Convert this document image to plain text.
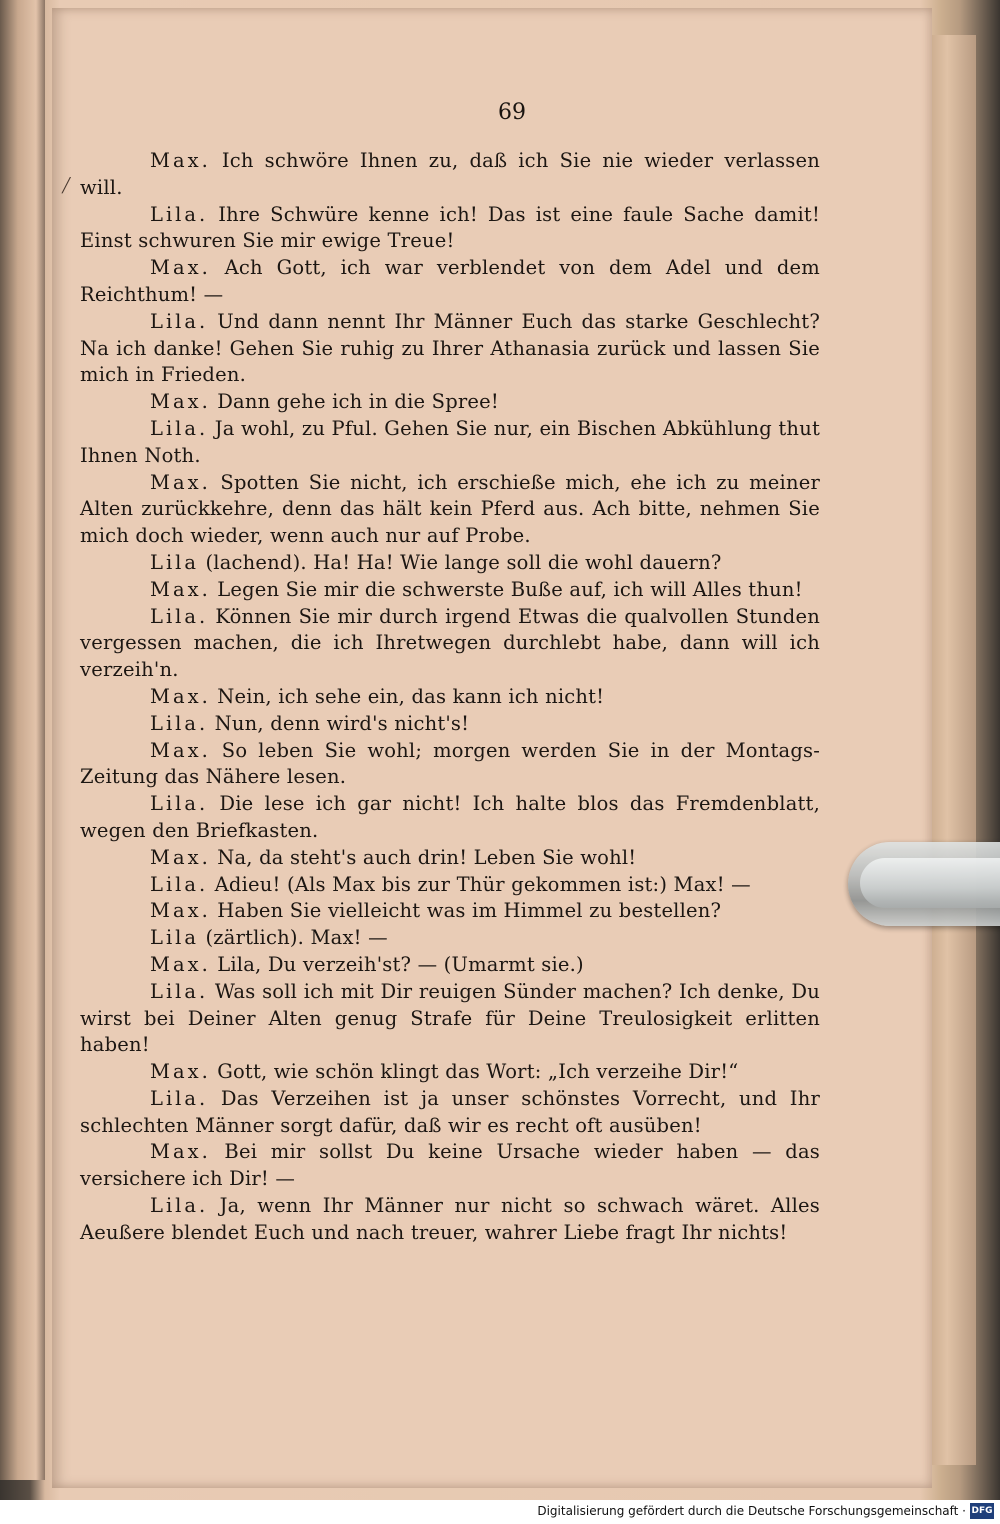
69
╱

Max. Ich schwöre Ihnen zu, daß ich Sie nie wieder verlassen will.

Lila. Ihre Schwüre kenne ich! Das ist eine faule Sache damit! Einst schwuren Sie mir ewige Treue!

Max. Ach Gott, ich war verblendet von dem Adel und dem Reichthum! —

Lila. Und dann nennt Ihr Männer Euch das starke Geschlecht? Na ich danke! Gehen Sie ruhig zu Ihrer Athanasia zurück und lassen Sie mich in Frieden.

Max. Dann gehe ich in die Spree!

Lila. Ja wohl, zu Pful. Gehen Sie nur, ein Bischen Abkühlung thut Ihnen Noth.

Max. Spotten Sie nicht, ich erschieße mich, ehe ich zu meiner Alten zurückkehre, denn das hält kein Pferd aus. Ach bitte, nehmen Sie mich doch wieder, wenn auch nur auf Probe.

Lila (lachend). Ha! Ha! Wie lange soll die wohl dauern?

Max. Legen Sie mir die schwerste Buße auf, ich will Alles thun!

Lila. Können Sie mir durch irgend Etwas die qualvollen Stunden vergessen machen, die ich Ihretwegen durchlebt habe, dann will ich verzeih'n.

Max. Nein, ich sehe ein, das kann ich nicht!

Lila. Nun, denn wird's nicht's!

Max. So leben Sie wohl; morgen werden Sie in der Montags-Zeitung das Nähere lesen.

Lila. Die lese ich gar nicht! Ich halte blos das Fremdenblatt, wegen den Briefkasten.

Max. Na, da steht's auch drin! Leben Sie wohl!

Lila. Adieu! (Als Max bis zur Thür gekommen ist:) Max! —

Max. Haben Sie vielleicht was im Himmel zu bestellen?

Lila (zärtlich). Max! —

Max. Lila, Du verzeih'st? — (Umarmt sie.)

Lila. Was soll ich mit Dir reuigen Sünder machen? Ich denke, Du wirst bei Deiner Alten genug Strafe für Deine Treulosigkeit erlitten haben!

Max. Gott, wie schön klingt das Wort: „Ich verzeihe Dir!“

Lila. Das Verzeihen ist ja unser schönstes Vorrecht, und Ihr schlechten Männer sorgt dafür, daß wir es recht oft ausüben!

Max. Bei mir sollst Du keine Ursache wieder haben — das versichere ich Dir! —

Lila. Ja, wenn Ihr Männer nur nicht so schwach wäret. Alles Aeußere blendet Euch und nach treuer, wahrer Liebe fragt Ihr nichts!

Digitalisierung gefördert durch die Deutsche Forschungsgemeinschaft · DFG
